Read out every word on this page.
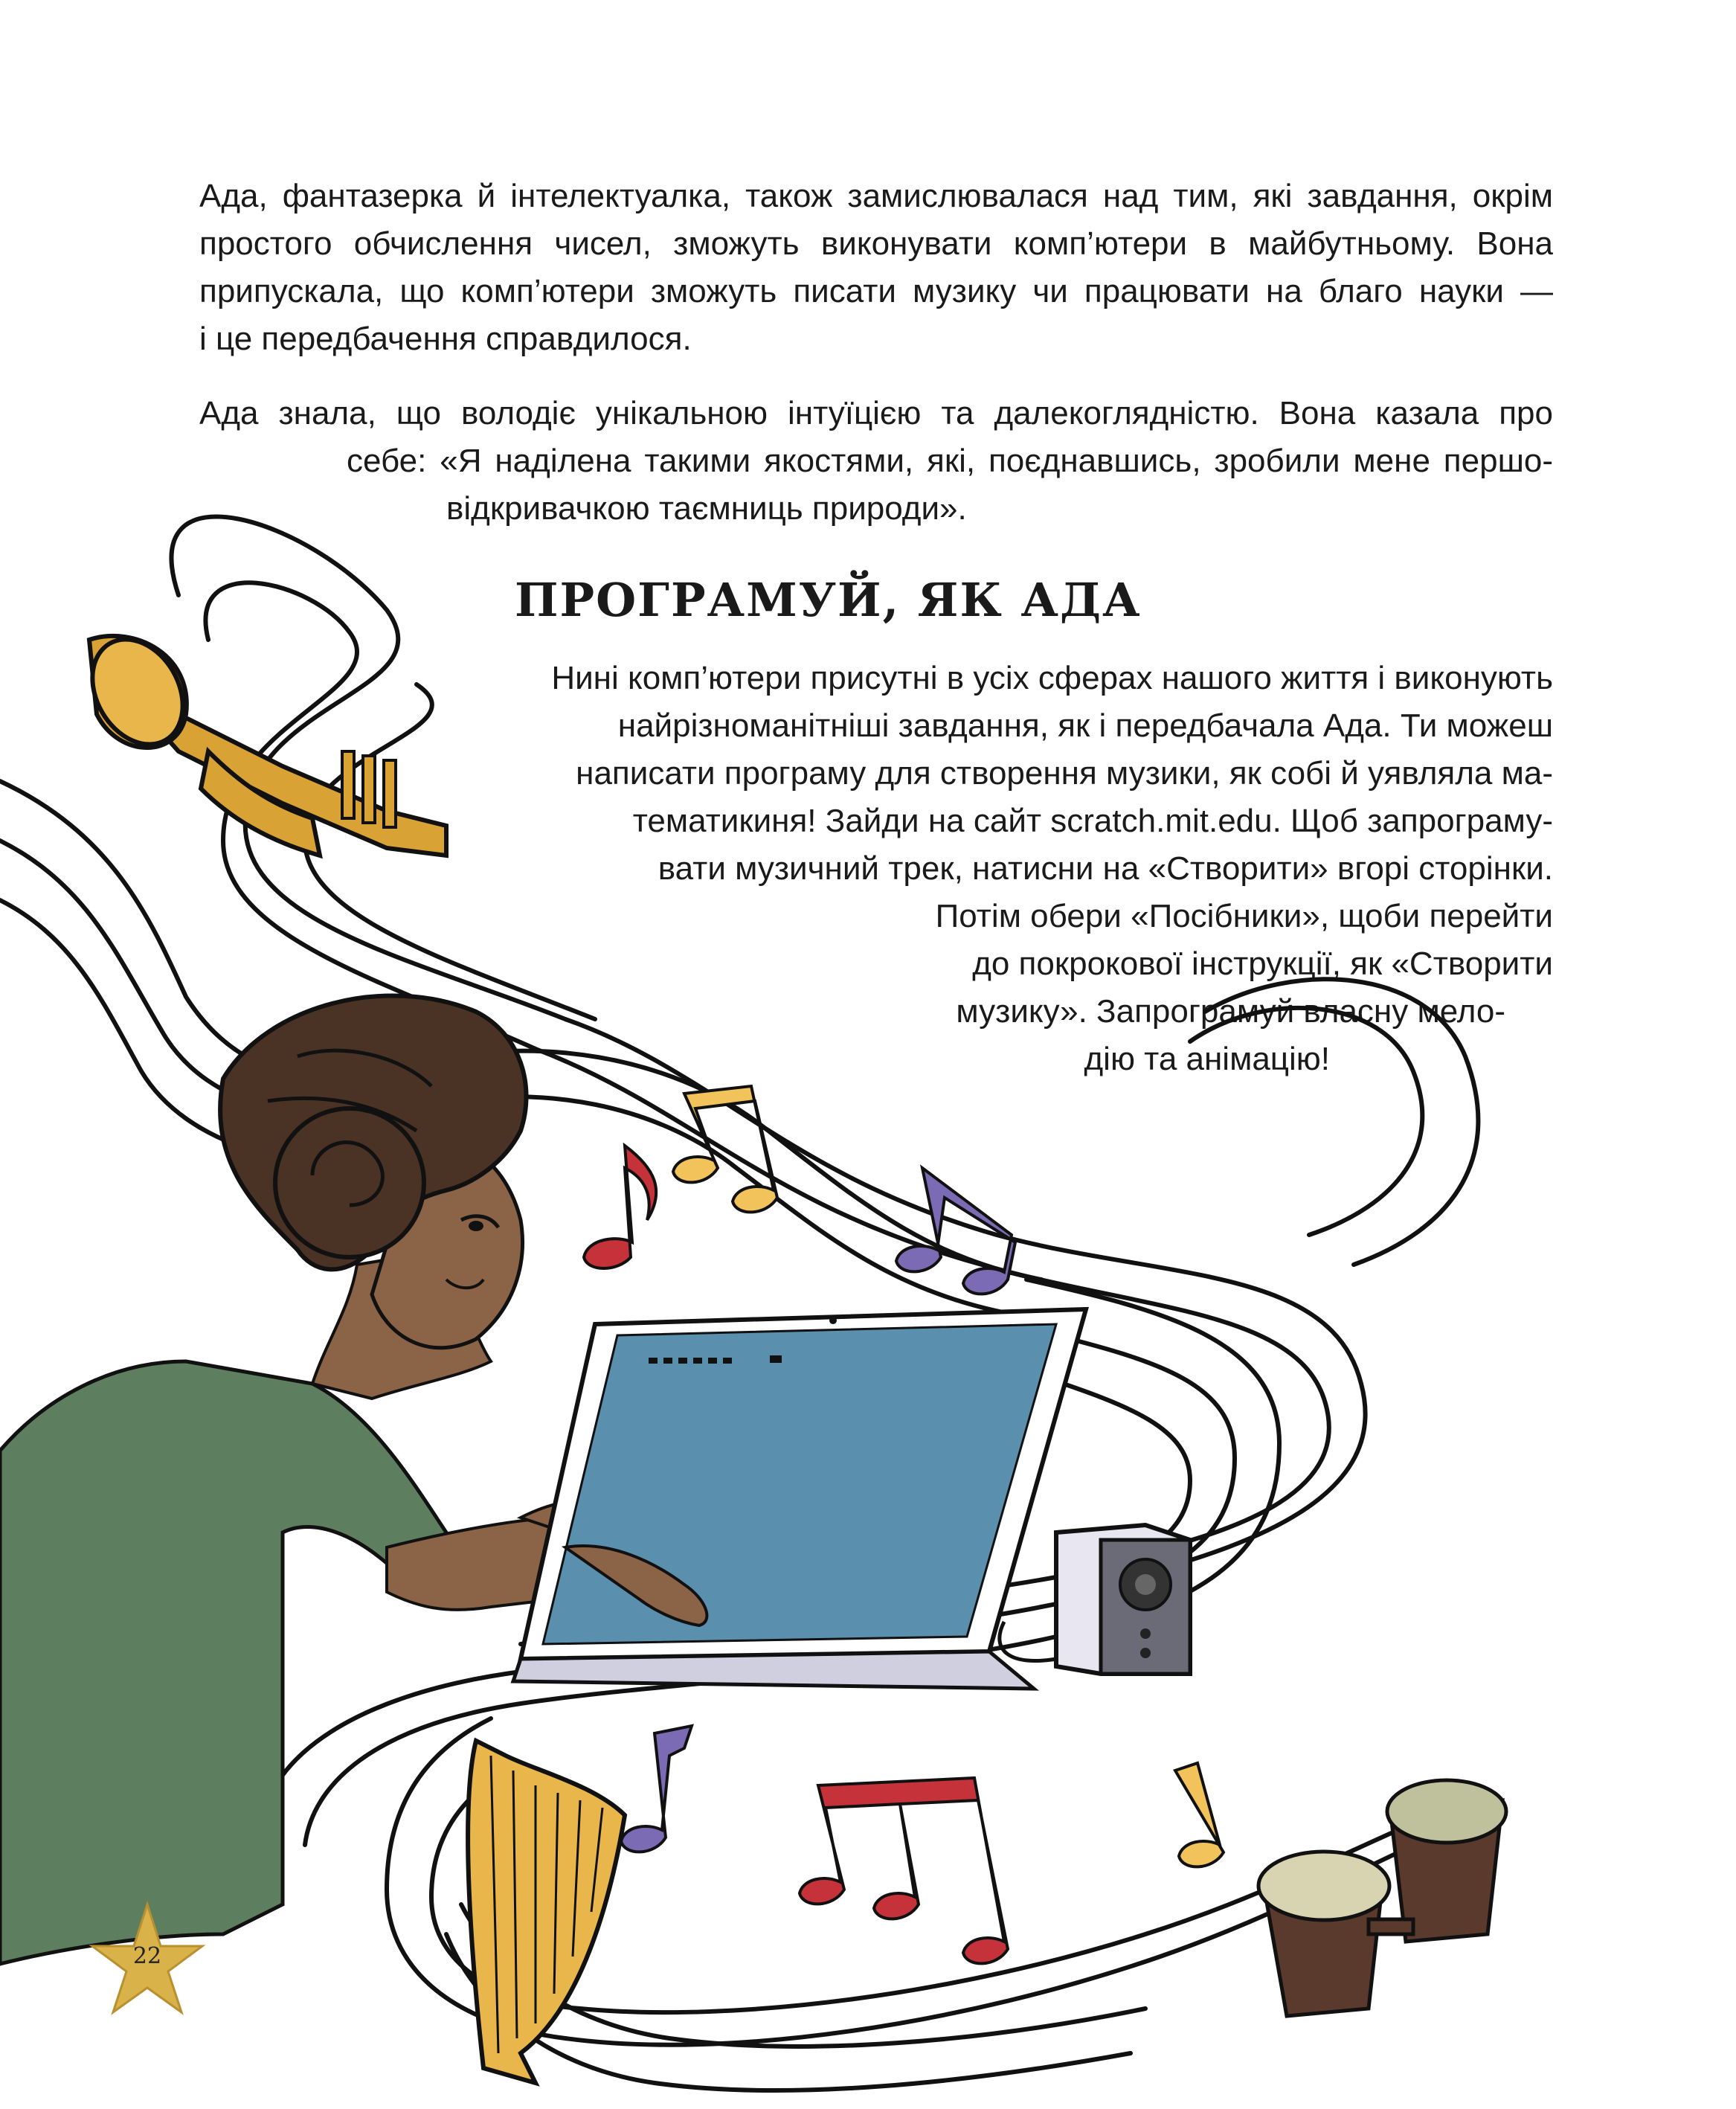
Ада, фантазерка й інтелектуалка, також замислювалася над тим, які завдання, окрім
простого обчислення чисел, зможуть виконувати комп’ютери в майбутньому. Вона
припускала, що комп’ютери зможуть писати музику чи працювати на благо науки —
і це передбачення справдилося.
Ада знала, що володіє унікальною інтуїцією та далекоглядністю. Вона казала про
себе: «Я наділена такими якостями, які, поєднавшись, зробили мене першо-
відкривачкою таємниць природи».
ПРОГРАМУЙ, ЯК АДА
Нині комп’ютери присутні в усіх сферах нашого життя і виконують
найрізноманітніші завдання, як і передбачала Ада. Ти можеш
написати програму для створення музики, як собі й уявляла ма-
тематикиня! Зайди на сайт scratch.mit.edu. Щоб запрограму-
вати музичний трек, натисни на «Створити» вгорі сторінки.
Потім обери «Посібники», щоби перейти
до покрокової інструкції, як «Створити
музику». Запрограмуй власну мело-
дію та анімацію!
22
